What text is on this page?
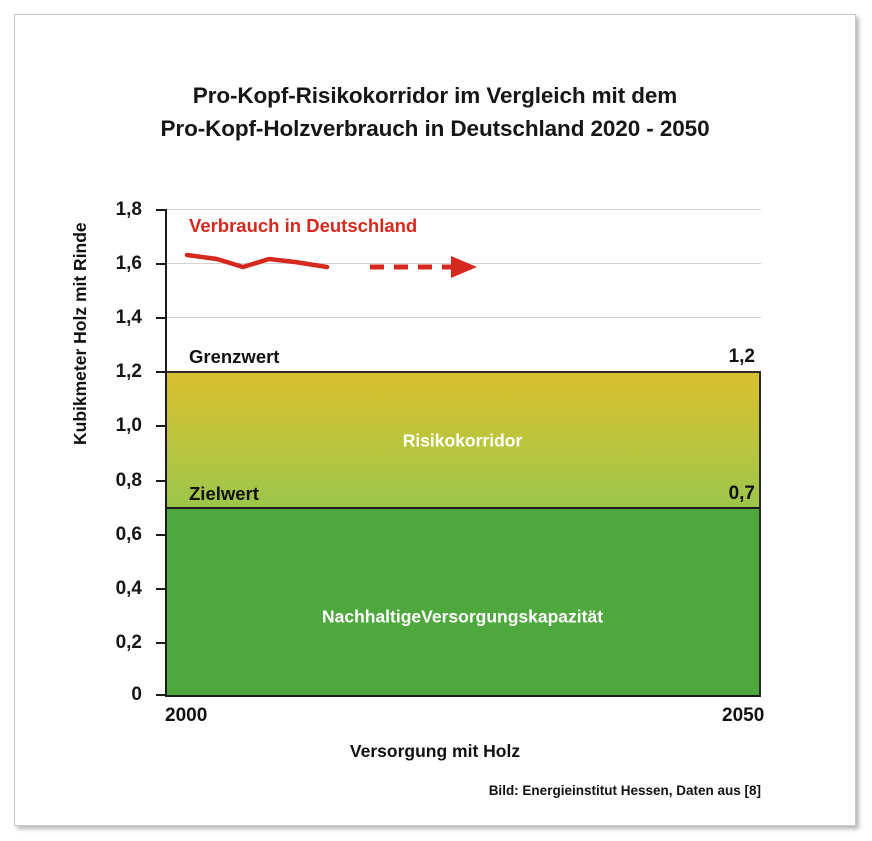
Pro-Kopf-Risikokorridor im Vergleich mit dem
Pro-Kopf-Holzverbrauch in Deutschland 2020 - 2050
Kubikmeter Holz mit Rinde	Risikokorridor
NachhaltigeVersorgungskapazität
Grenzwert	1,2
Zielwert	0,7
Verbrauch in Deutschland
0
0,2
0,4
0,6
0,8
1,0
1,2
1,4
1,6
1,8
2000	2050
Versorgung mit Holz
Bild: Energieinstitut Hessen, Daten aus [8]
